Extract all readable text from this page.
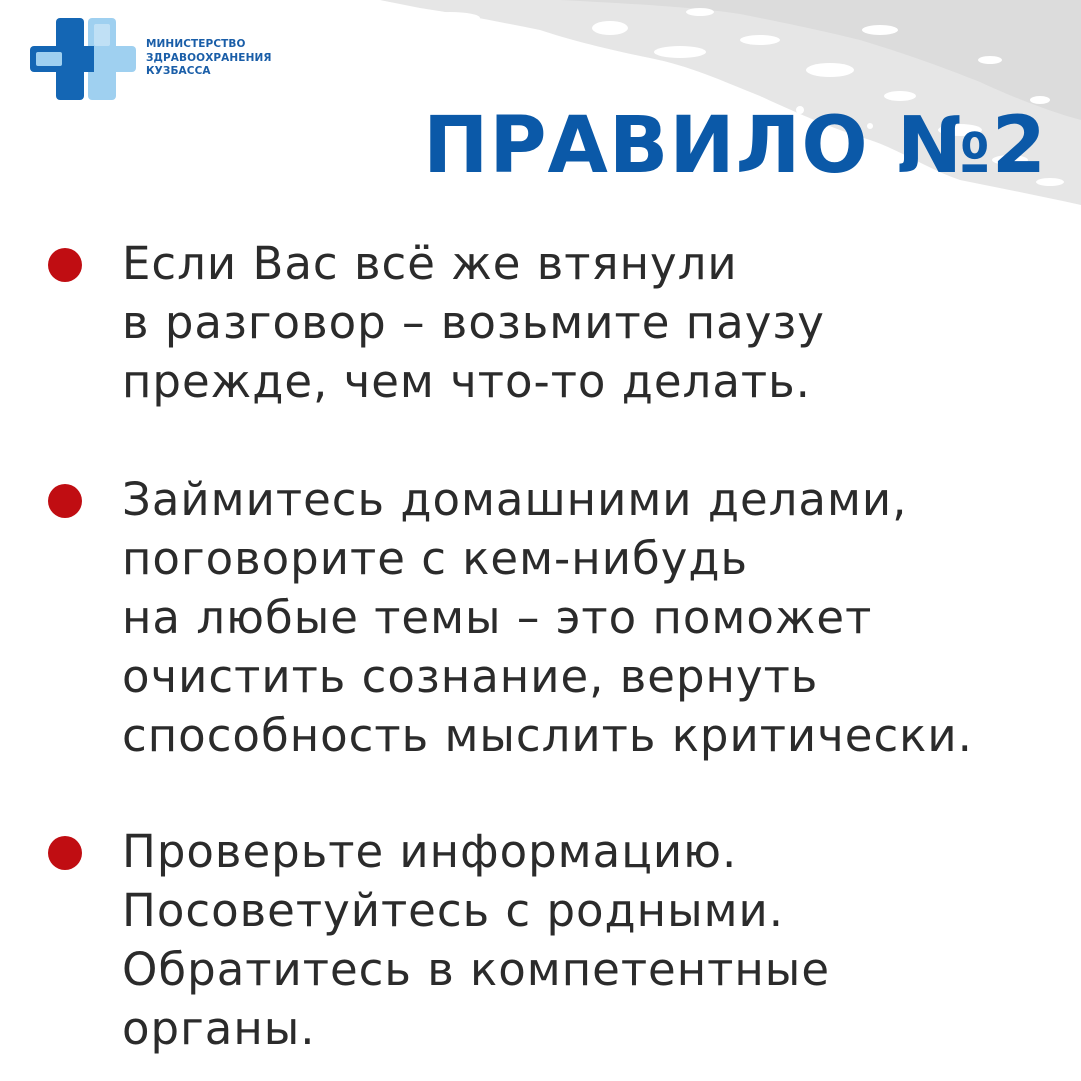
МИНИСТЕРСТВО
ЗДРАВООХРАНЕНИЯ
КУЗБАССА
ПРАВИЛО №2

Если Вас всё же втянули
в разговор – возьмите паузу
прежде, чем что-то делать.

Займитесь домашними делами,
поговорите с кем-нибудь
на любые темы – это поможет
очистить сознание, вернуть
способность мыслить критически.

Проверьте информацию.
Посоветуйтесь с родными.
Обратитесь в компетентные
органы.
